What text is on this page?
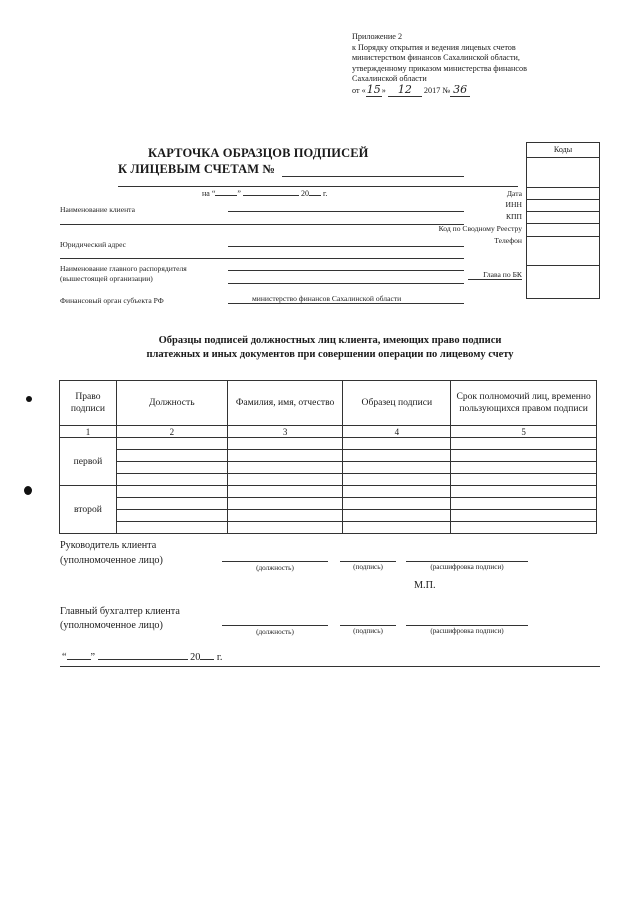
Приложение 2
к Порядку открытия и ведения лицевых счетов
министерством финансов Сахалинской области,
утвержденному приказом министерства финансов
Сахалинской области
от «15» 12 2017 № 36
КАРТОЧКА ОБРАЗЦОВ ПОДПИСЕЙ
К ЛИЦЕВЫМ СЧЕТАМ №
на “	”	20 г.
Наименование клиента
Юридический адрес
Наименование главного распорядителя
(вышестоящей организации)
Финансовый орган субъекта РФ	министерство финансов Сахалинской области
Дата
ИНН
КПП
Код по Сводному Реестру
Телефон
Глава по БК
Коды
Образцы подписей должностных лиц клиента, имеющих право подписи
платежных и иных документов при совершении операции по лицевому счету
Право подписи	Должность	Фамилия, имя, отчество	Образец подписи	Срок полномочий лиц, временно пользующихся правом подписи
1	2	3	4	5
первой				

второй				

Руководитель клиента
(уполномоченное лицо)
(должность)	(подпись)	(расшифровка подписи)
М.П.
Главный бухгалтер клиента
(уполномоченное лицо)
(должность)	(подпись)	(расшифровка подписи)
“ ”	20 г.
